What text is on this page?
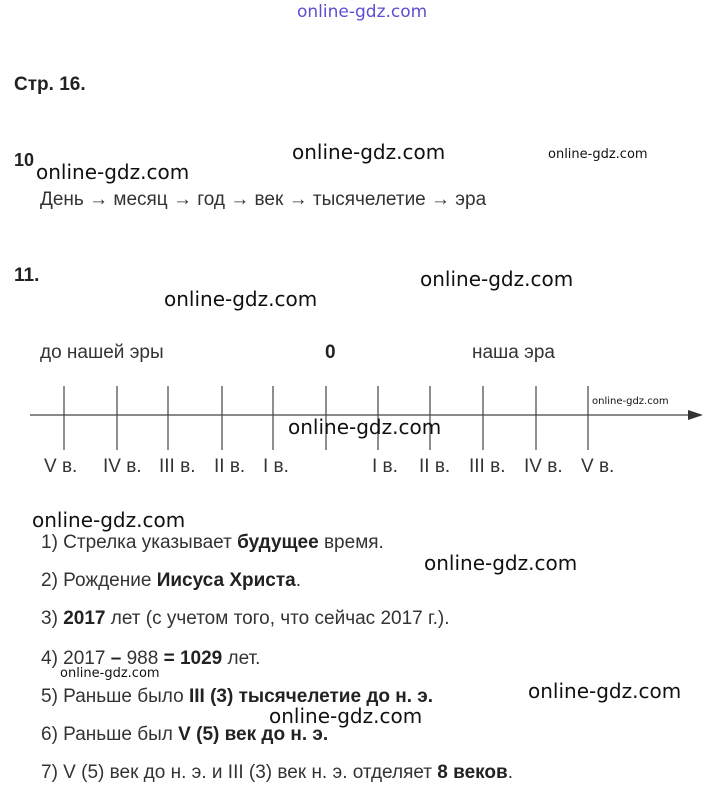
online-gdz.com
Стр. 16.
10 online-gdz.com
online-gdz.com	online-gdz.com
День → месяц → год → век → тысячелетие → эра
11.	online-gdz.com
online-gdz.com
до нашей эры	0	наша эра
online-gdz.com
online-gdz.com
V в. IV в. III в. II в. I в.	I в. II в. III в. IV в. V в.
online-gdz.com
1) Стрелка указывает будущее время.
2) Рождение Иисуса Христа.
3) 2017 лет (с учетом того, что сейчас 2017 г.).
4) 2017 – 988 = 1029 лет.
5) Раньше было III (3) тысячелетие до н. э.
6) Раньше был V (5) век до н. э.
7) V (5) век до н. э. и III (3) век н. э. отделяет 8 веков.
online-gdz.com
online-gdz.com
online-gdz.com
online-gdz.com
